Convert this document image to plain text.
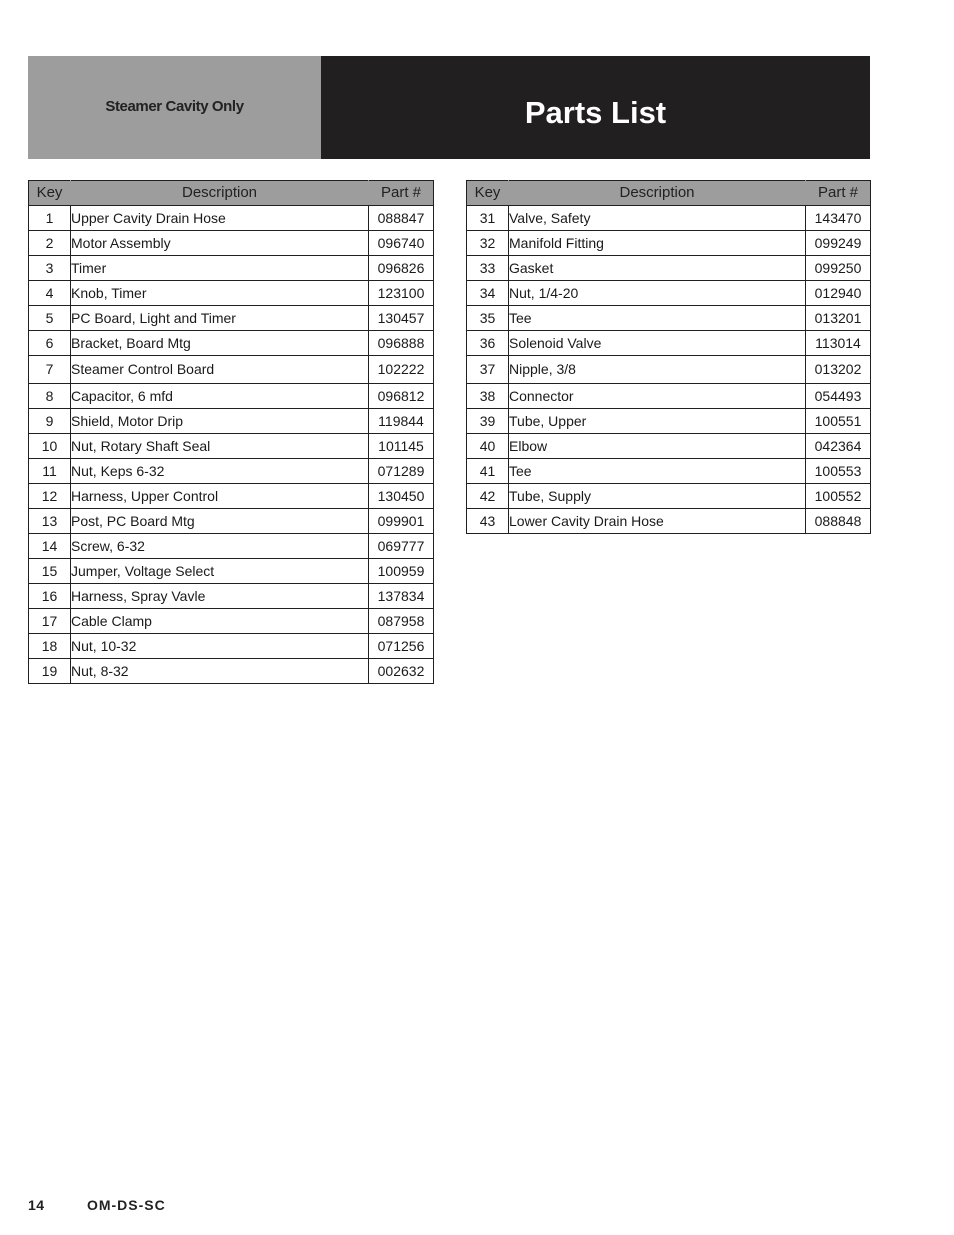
Steamer Cavity Only	Parts List
Key	Description	Part #
1	Upper Cavity Drain Hose	088847
2	Motor Assembly	096740
3	Timer	096826
4	Knob, Timer	123100
5	PC Board, Light and Timer	130457
6	Bracket, Board Mtg	096888
7	Steamer Control Board	102222
8	Capacitor, 6 mfd	096812
9	Shield, Motor Drip	119844
10	Nut, Rotary Shaft Seal	101145
11	Nut, Keps 6-32	071289
12	Harness, Upper Control	130450
13	Post, PC Board Mtg	099901
14	Screw, 6-32	069777
15	Jumper, Voltage Select	100959
16	Harness, Spray Vavle	137834
17	Cable Clamp	087958
18	Nut, 10-32	071256
19	Nut, 8-32	002632
Key	Description	Part #
31	Valve, Safety	143470
32	Manifold Fitting	099249
33	Gasket	099250
34	Nut, 1/4-20	012940
35	Tee	013201
36	Solenoid Valve	113014
37	Nipple, 3/8	013202
38	Connector	054493
39	Tube, Upper	100551
40	Elbow	042364
41	Tee	100553
42	Tube, Supply	100552
43	Lower Cavity Drain Hose	088848
14	OM-DS-SC
